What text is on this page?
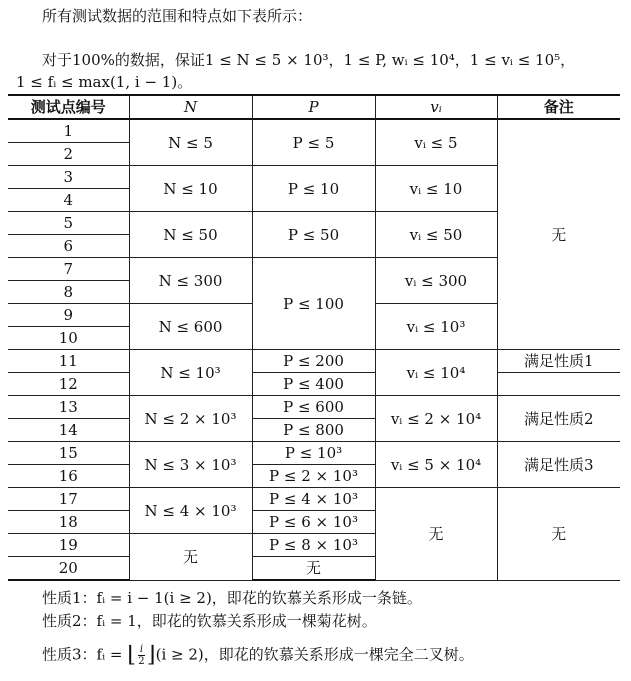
所有测试数据的范围和特点如下表所示：
对于100%的数据，保证1 ≤ N ≤ 5 × 10³，1 ≤ P, wᵢ ≤ 10⁴，1 ≤ vᵢ ≤ 10⁵，
1 ≤ fᵢ ≤ max(1, i − 1)。
测试点编号	N	P	vᵢ	备注
1	N ≤ 5	P ≤ 5	vᵢ ≤ 5	无
2				
3	N ≤ 10	P ≤ 10	vᵢ ≤ 10	
4				
5	N ≤ 50	P ≤ 50	vᵢ ≤ 50	
6				
7	N ≤ 300	P ≤ 100	vᵢ ≤ 300	
8				
9	N ≤ 600		vᵢ ≤ 10³	
10				
11	N ≤ 10³	P ≤ 200	vᵢ ≤ 10⁴	满足性质1
12		P ≤ 400		
13	N ≤ 2 × 10³	P ≤ 600	vᵢ ≤ 2 × 10⁴	满足性质2
14		P ≤ 800		
15	N ≤ 3 × 10³	P ≤ 10³	vᵢ ≤ 5 × 10⁴	满足性质3
16		P ≤ 2 × 10³		
17	N ≤ 4 × 10³	P ≤ 4 × 10³	无	无
18		P ≤ 6 × 10³		
19	无	P ≤ 8 × 10³		
20		无		
性质1：fᵢ = i − 1(i ≥ 2)，即花的钦慕关系形成一条链。
性质2：fᵢ = 1，即花的钦慕关系形成一棵菊花树。
性质3：fᵢ = ⌊ $\frac{i}{2}$ ⌋(i ≥ 2)，即花的钦慕关系形成一棵完全二叉树。
